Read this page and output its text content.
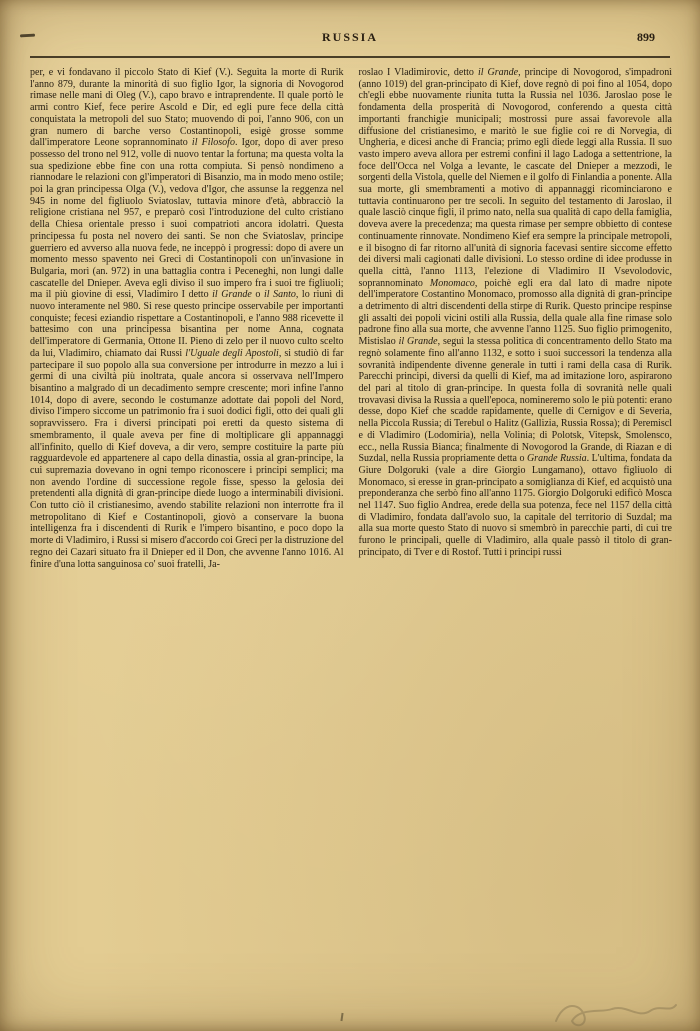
RUSSIA	899
per, e vi fondavano il piccolo Stato di Kief (V.). Seguìta la morte di Rurik l'anno 879, durante la minorità di suo figlio Igor, la signoria di Novogorod rimase nelle mani di Oleg (V.), capo bravo e intraprendente. Il quale portò le armi contro Kief, fece perire Ascold e Dir, ed egli pure fece della città conquistata la metropoli del suo Stato; muovendo di poi, l'anno 906, con un gran numero di barche verso Costantinopoli, esigè grosse somme dall'imperatore Leone soprannominato il Filosofo. Igor, dopo di aver preso possesso del trono nel 912, volle di nuovo tentar la fortuna; ma questa volta la sua spedizione ebbe fine con una rotta compiuta. Si pensò nondimeno a riannodare le relazioni con gl'imperatori di Bisanzio, ma in modo meno ostile; poi la gran principessa Olga (V.), vedova d'Igor, che assunse la reggenza nel 945 in nome del figliuolo Sviatoslav, tuttavia minore d'età, abbracciò la religione cristiana nel 957, e preparò così l'introduzione del culto cristiano della Chiesa orientale presso i suoi compatrioti ancora idolatri. Questa principessa fu posta nel novero dei santi. Se non che Sviatoslav, principe guerriero ed avverso alla nuova fede, ne inceppò i progressi: dopo di avere un momento messo spavento nei Greci di Costantinopoli con un'invasione in Bulgaria, morì (an. 972) in una battaglia contra i Peceneghi, non lungi dalle cascatelle del Dnieper. Aveva egli diviso il suo impero fra i suoi tre figliuoli; ma il più giovine di essi, Vladimiro I detto il Grande o il Santo, lo riunì di nuovo interamente nel 980. Si rese questo principe osservabile per importanti conquiste; fecesi eziandio rispettare a Costantinopoli, e l'anno 988 ricevette il battesimo con una principessa bisantina per nome Anna, cognata dell'imperatore di Germania, Ottone II. Pieno di zelo per il nuovo culto scelto da lui, Vladimiro, chiamato dai Russi l'Uguale degli Apostoli, si studiò di far partecipare il suo popolo alla sua conversione per introdurre in mezzo a lui i germi di una civiltà più inoltrata, quale ancora si osservava nell'Impero bisantino a malgrado di un decadimento sempre crescente; morì infine l'anno 1014, dopo di avere, secondo le costumanze adottate dai popoli del Nord, diviso l'impero siccome un patrimonio fra i suoi dodici figli, otto dei quali gli sopravvissero. Fra i diversi principati poi eretti da questo sistema di smembramento, il quale aveva per fine di moltiplicare gli appannaggi all'infinito, quello di Kief doveva, a dir vero, sempre costituire la parte più ragguardevole ed appartenere al capo della dinastia, ossia al gran-principe, la cui supremazia dovevano in ogni tempo riconoscere i principi semplici; ma non avendo l'ordine di successione regole fisse, spesso la gelosia dei pretendenti alla dignità di gran-principe diede luogo a interminabili divisioni. Con tutto ciò il cristianesimo, avendo stabilite relazioni non interrotte fra il metropolitano di Kief e Costantinopoli, giovò a conservare la buona intelligenza fra i discendenti di Rurik e l'impero bisantino, e poco dopo la morte di Vladimiro, i Russi si misero d'accordo coi Greci per la distruzione del regno dei Cazari situato fra il Dnieper ed il Don, che avvenne l'anno 1016. Al finire d'una lotta sanguinosa co' suoi fratelli, Ja-
roslao I Vladimirovic, detto il Grande, principe di Novogorod, s'impadronì (anno 1019) del gran-principato di Kief, dove regnò di poi fino al 1054, dopo ch'egli ebbe nuovamente riunita tutta la Russia nel 1036. Jaroslao pose le fondamenta della prosperità di Novogorod, conferendo a questa città importanti franchigie municipali; mostrossi pure assai favorevole alla diffusione del cristianesimo, e maritò le sue figlie coi re di Norvegia, di Ungheria, e dicesi anche di Francia; primo egli diede leggi alla Russia. Il suo vasto impero aveva allora per estremi confini il lago Ladoga a settentrione, la foce dell'Occa nel Volga a levante, le cascate del Dnieper a mezzodì, le sorgenti della Vistola, quelle del Niemen e il golfo di Finlandia a ponente. Alla sua morte, gli smembramenti a motivo di appannaggi ricominciarono e tuttavia continuarono per tre secoli. In seguito del testamento di Jaroslao, il quale lasciò cinque figli, il primo nato, nella sua qualità di capo della famiglia, doveva avere la precedenza; ma questa rimase per sempre obbietto di contese continuamente rinnovate. Nondimeno Kief era sempre la principale metropoli, e il bisogno di far ritorno all'unità di signoria facevasi sentire siccome effetto dei diversi mali cagionati dalle divisioni. Lo stesso ordine di idee produsse in quella città, l'anno 1113, l'elezione di Vladimiro II Vsevolodovic, soprannominato Monomaco, poichè egli era dal lato di madre nipote dell'imperatore Costantino Monomaco, promosso alla dignità di gran-principe a detrimento di altri discendenti della stirpe di Rurik. Questo principe respinse gli assalti dei popoli vicini ostili alla Russia, della quale alla fine rimase solo padrone fino alla sua morte, che avvenne l'anno 1125. Suo figlio primogenito, Mistislao il Grande, seguì la stessa politica di concentramento dello Stato ma regnò solamente fino all'anno 1132, e sotto i suoi successori la tendenza alla sovranità indipendente divenne generale in tutti i rami della casa di Rurik. Parecchi principi, diversi da quelli di Kief, ma ad imitazione loro, aspirarono del pari al titolo di gran-principe. In questa folla di sovranità nelle quali trovavasi divisa la Russia a quell'epoca, nomineremo solo le più potenti: erano desse, dopo Kief che scadde rapidamente, quelle di Cernigov e di Severia, nella Piccola Russia; di Terebul o Halitz (Gallizia, Russia Rossa); di Peremiscl e di Vladimiro (Lodomiria), nella Volinia; di Polotsk, Vitepsk, Smolensco, ecc., nella Russia Bianca; finalmente di Novogorod la Grande, di Riazan e di Suzdal, nella Russia propriamente detta o Grande Russia. L'ultima, fondata da Giure Dolgoruki (vale a dire Giorgio Lungamano), ottavo figliuolo di Monomaco, si eresse in gran-principato a somiglianza di Kief, ed acquistò una preponderanza che serbò fino all'anno 1175. Giorgio Dolgoruki edificò Mosca nel 1147. Suo figlio Andrea, erede della sua potenza, fece nel 1157 della città di Vladimiro, fondata dall'avolo suo, la capitale del territorio di Suzdal; ma alla sua morte questo Stato di nuovo si smembrò in parecchie parti, di cui tre furono le principali, quelle di Vladimiro, alla quale passò il titolo di gran-principato, di Tver e di Rostof. Tutti i principi russi
